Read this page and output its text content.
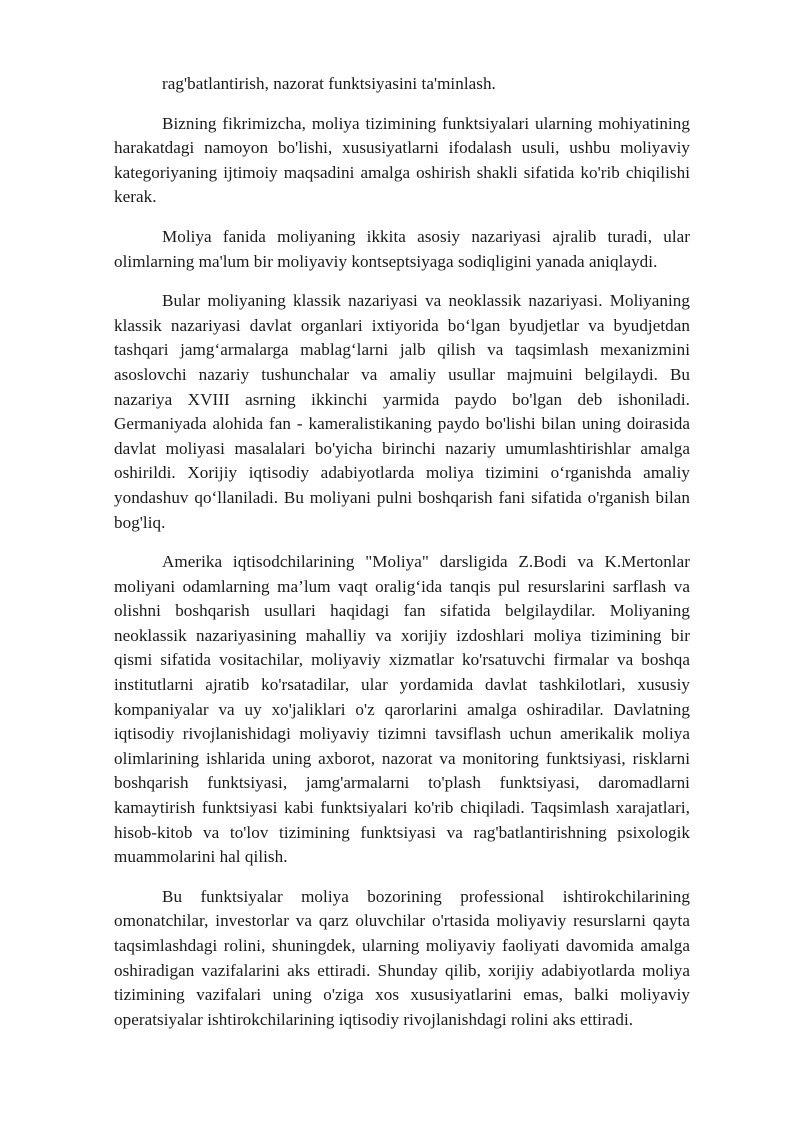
rag'batlantirish, nazorat funktsiyasini ta'minlash.

Bizning fikrimizcha, moliya tizimining funktsiyalari ularning mohiyatining harakatdagi namoyon bo'lishi, xususiyatlarni ifodalash usuli, ushbu moliyaviy kategoriyaning ijtimoiy maqsadini amalga oshirish shakli sifatida ko'rib chiqilishi kerak.

Moliya fanida moliyaning ikkita asosiy nazariyasi ajralib turadi, ular olimlarning ma'lum bir moliyaviy kontseptsiyaga sodiqligini yanada aniqlaydi.

Bular moliyaning klassik nazariyasi va neoklassik nazariyasi. Moliyaning klassik nazariyasi davlat organlari ixtiyorida bo‘lgan byudjetlar va byudjetdan tashqari jamg‘armalarga mablag‘larni jalb qilish va taqsimlash mexanizmini asoslovchi nazariy tushunchalar va amaliy usullar majmuini belgilaydi. Bu nazariya XVIII asrning ikkinchi yarmida paydo bo'lgan deb ishoniladi. Germaniyada alohida fan - kameralistikaning paydo bo'lishi bilan uning doirasida davlat moliyasi masalalari bo'yicha birinchi nazariy umumlashtirishlar amalga oshirildi. Xorijiy iqtisodiy adabiyotlarda moliya tizimini o‘rganishda amaliy yondashuv qo‘llaniladi. Bu moliyani pulni boshqarish fani sifatida o'rganish bilan bog'liq.

Amerika iqtisodchilarining "Moliya" darsligida Z.Bodi va K.Mertonlar moliyani odamlarning ma’lum vaqt oralig‘ida tanqis pul resurslarini sarflash va olishni boshqarish usullari haqidagi fan sifatida belgilaydilar. Moliyaning neoklassik nazariyasining mahalliy va xorijiy izdoshlari moliya tizimining bir qismi sifatida vositachilar, moliyaviy xizmatlar ko'rsatuvchi firmalar va boshqa institutlarni ajratib ko'rsatadilar, ular yordamida davlat tashkilotlari, xususiy kompaniyalar va uy xo'jaliklari o'z qarorlarini amalga oshiradilar. Davlatning iqtisodiy rivojlanishidagi moliyaviy tizimni tavsiflash uchun amerikalik moliya olimlarining ishlarida uning axborot, nazorat va monitoring funktsiyasi, risklarni boshqarish funktsiyasi, jamg'armalarni to'plash funktsiyasi, daromadlarni kamaytirish funktsiyasi kabi funktsiyalari ko'rib chiqiladi. Taqsimlash xarajatlari, hisob-kitob va to'lov tizimining funktsiyasi va rag'batlantirishning psixologik muammolarini hal qilish.

Bu funktsiyalar moliya bozorining professional ishtirokchilarining omonatchilar, investorlar va qarz oluvchilar o'rtasida moliyaviy resurslarni qayta taqsimlashdagi rolini, shuningdek, ularning moliyaviy faoliyati davomida amalga oshiradigan vazifalarini aks ettiradi. Shunday qilib, xorijiy adabiyotlarda moliya tizimining vazifalari uning o'ziga xos xususiyatlarini emas, balki moliyaviy operatsiyalar ishtirokchilarining iqtisodiy rivojlanishdagi rolini aks ettiradi.
